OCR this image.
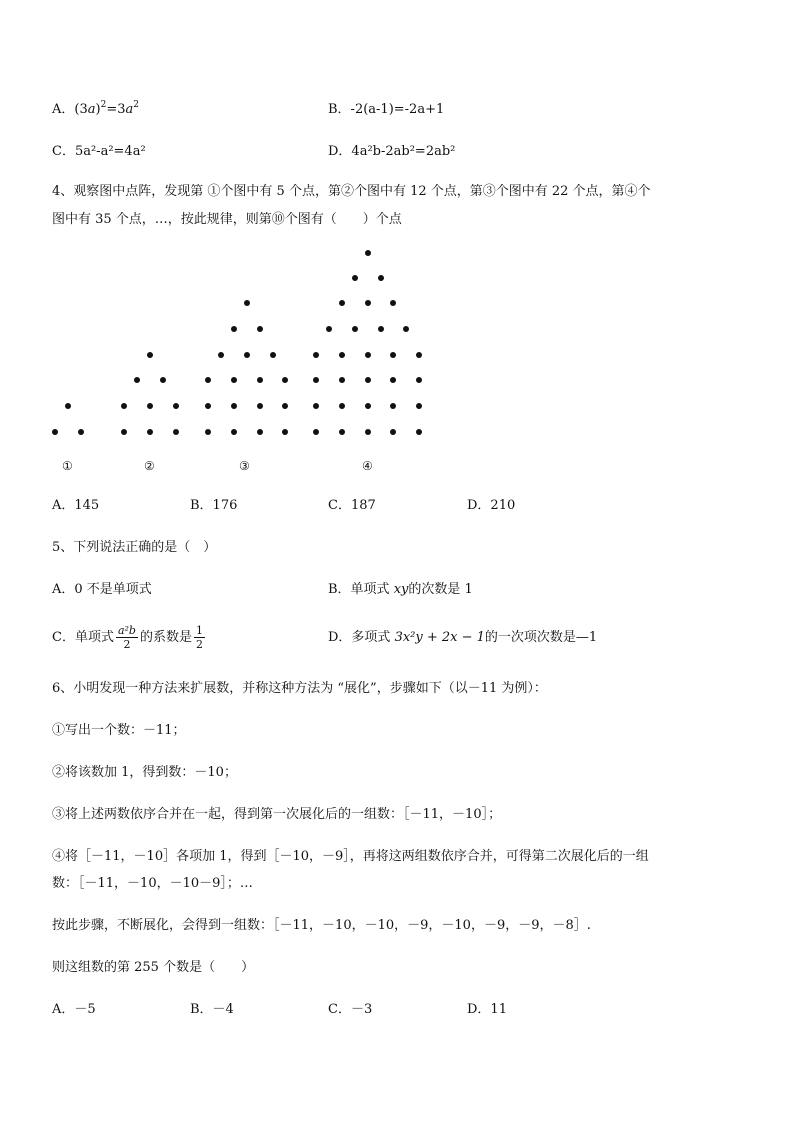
A．$(3a)^2=3a^2$	B．-2(a-1)=-2a+1
C．5a²-a²=4a²	D．4a²b-2ab²=2ab²
4、观察图中点阵，发现第 ①个图中有 5 个点，第②个图中有 12 个点，第③个图中有 22 个点，第④个
图中有 35 个点，…，按此规律，则第⑩个图有（　　）个点
①	②	③	④
A．145	B．176	C．187	D．210
5、下列说法正确的是（　）
A．0 不是单项式	B．单项式 xy的次数是 1
C．单项式 $\frac{\text{a²b}}{2}$ 的系数是 $\frac{1}{2}$	D．多项式 3x²y + 2x − 1的一次项次数是—1
6、小明发现一种方法来扩展数，并称这种方法为 “展化”，步骤如下（以－11 为例）：
①写出一个数：－11；
②将该数加 1，得到数：－10；
③将上述两数依序合并在一起，得到第一次展化后的一组数：［－11，－10］；
④将［－11，－10］各项加 1，得到［－10，－9］，再将这两组数依序合并，可得第二次展化后的一组
数：［－11，－10，－10－9］；…
按此步骤，不断展化，会得到一组数：［－11，－10，－10，－9，－10，－9，－9，－8］.
则这组数的第 255 个数是（　　）
A．－5	B．－4	C．－3	D．11
